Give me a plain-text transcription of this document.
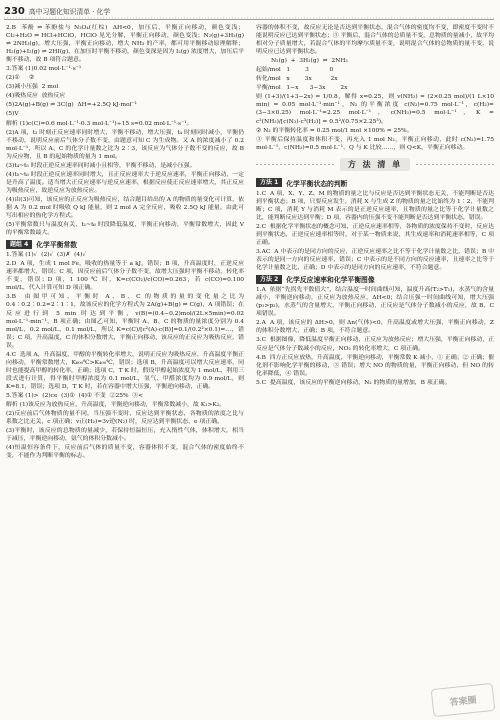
230 高中习题化知识清单 · 化学

2.B  苯酚 ⇌ 苯酚盐与 N₂O₄(红棕)  ΔH<0，加压后，平衡正向移动，颜色变浅；Cl₂+H₂O ⇌ HCl+HClO，HClO 见光分解，平衡正向移动，颜色变浅；N₂(g)+3H₂(g) ⇌ 2NH₃(g)，增大压强，平衡正向移动，增大 NH₃ 的产率，都可用平衡移动原理解释；H₂(g)+I₂(g) ⇌ 2HI(g)，在加压时平衡不移动，颜色变深是因为 I₂(g) 浓度增大，加压后平衡不移动，故 B 项符合题意。

3.答案 (1)0.02 mol·L⁻¹·s⁻¹

(2)①     ②

(3)减小压强  2 mol

(4)吸热反应  放热反应

(5)2A(g)+B(g) ⇌ 3C(g)  ΔH=+2.5Q kJ·mol⁻¹

(5)V

解析 (1)c(C)=0.6 mol·L⁻¹-0.3 mol·L⁻¹)÷15 s=0.02 mol·L⁻¹·s⁻¹。

(2)A 项，t₃ 时刻正反应速率同时增大，平衡不移动，增大压强，t₄ 时刻同时减小，平衡仍不移动，说明反应前后气体分子数不变，由题意可知 C 为生成物。又 A 的浓度减小了 0.2 mol·L⁻¹，所以 A、C 的化学计量数之比为 2∶3，该反应为气体分子数不变的反应，故 B 为反应物，且 B 的起始物质的量为 1 mol。

(3)t₄~t₅ 时段正逆反应速率同时减小且相等，平衡不移动，是减小压强。

(4)t₅~t₆ 时段正逆反应速率同时增大，且正反应速率大于逆反应速率，平衡正向移动，一定是升高了温度。适当增大正反应速率与逆反应速率，根据反应使正反应速率增大，其正反应为吸热反应，故逆反应为放热反应。

(4)由(3)可知，该反应的正反应为吸热反应，结合题目给出的 A 的物质的量变化可计算，依据 A 为 0.2 mol 时吸收 Q kJ 能量，则 2 mol A 完全反应，吸收 2.5Q kJ 能量，由此可写出相应的热化学方程式。

(5)平衡常数只与温度有关，t₁~t₆ 时段降低温度，平衡正向移动，平衡常数增大，因此 V 的平衡常数最大。

题组 4	化学平衡常数

1.答案 (1)✓  (2)✓  (3)✗  (4)✓

2.D  A 项，生成 1 mol Fe，吸收的热量等于 a kJ，错误；B 项，升高温度时，正逆反应速率都增大，错误；C 项，因反应前后气体分子数不变，故增大压强时平衡不移动，转化率不变，错误；D 项，1 100 ℃ 时，K=c(CO₂)/c(CO)=0.263，若 c(CO)=0.100 mol/L，代入计算可知 D 项正确。

3.B  由图甲可知，平衡时 A、B、C 的物质的量的变化量之比为 0.4∶0.2∶0.2=2∶1∶1，故该反应的化学方程式为 2A(g)+B(g) ⇌ C(g)，A 项错误；在反应进行到 5 min 时达到平衡，v(B)=(0.4−0.2)mol/(2L×5min)=0.02 mol·L⁻¹·min⁻¹，B 项正确；由图乙可知，平衡时 A、B、C 的物质的量浓度分别为 0.4 mol/L、0.2 mol/L、0.1 mol/L，所以 K=c(C)/[c²(A)·c(B)]=0.1/(0.2²×0.1)=…，错误；C 项，升高温度，C 的体积分数增大，平衡正向移动，该反应的正反应为吸热反应，错误。

4.C  选项 A，升高温度，甲醇的平衡转化率增大，说明正反应为吸热反应，升高温度平衡正向移动，平衡常数增大，K₆₀₀℃>K₄₀₀℃，错误；选项 B，升高温度可以增大反应速率，同时也能提高甲醇的转化率，正确；选项 C，T K 时，假设甲醇起始浓度为 1 mol/L，利用三段式进行计算，得平衡时甲醇浓度为 0.1 mol/L，氢气、甲醛浓度均为 0.9 mol/L，则 K=8.1，错误；选项 D，T K 时，若在容器中增大压强，平衡逆向移动，正确。

5.答案 (1)>  (2)ce  (3)①  (4)① 不变  ②25%  ③<

解析 (1)该反应为放热反应，升高温度，平衡逆向移动，平衡常数减小，故 K₁>K₂。

(2)反应前后气体物质的量不同，当压强不变时，反应达到平衡状态，各物质的浓度之比与系数之比无关，c 项正确；v正(H₂)=3v逆(N₂) 时，反应达到平衡状态，e 项正确。

(3)平衡时，该反应的总物质的量减少，若保持恒温恒压，充入惰性气体，体积增大，相当于减压，平衡逆向移动，氨气的体积分数减小。

(4)恒温恒容条件下，反应前后气体的质量不变，容器体积不变，混合气体的密度始终不变，不能作为判断平衡的标志。

容器的体积不变，故反应无论是否达到平衡状态，混合气体的密度均不变，即密度不变时不能说明反应已达到平衡状态；③ 平衡后，混合气体的总质量不变，总物质的量减小，故平均相对分子质量增大，若混合气体的平均摩尔质量不变，说明混合气体的总物质的量不变，说明反应已达到平衡状态。

N₂(g)  +  3H₂(g)  ⇌  2NH₃

起始/mol   1        3           0

转化/mol   x        3x          2x

平衡/mol   1−x      3−3x        2x

则 (1+3)/(1+3−2x) = 1/0.8，解得 x=0.25，则 v(NH₃) = (2×0.25 mol)/(1 L×10 min) = 0.05 mol·L⁻¹·min⁻¹，N₂ 的平衡浓度 c(N₂)=0.75 mol·L⁻¹，c(H₂)=(3−3×0.25) mol·L⁻¹=2.25 mol·L⁻¹，c(NH₃)=0.5 mol·L⁻¹，K = c²(NH₃)/[c(N₂)·c³(H₂)] = 0.5²/(0.75×2.25³)。

② N₂ 的平衡转化率 = 0.25 mol/1 mol ×100% = 25%。

③ 平衡后保持温度和体积不变，再充入 1 mol N₂，平衡正向移动，此时 c(N₂)=1.75 mol·L⁻¹，c(NH₃)=0.5 mol·L⁻¹，Q 与 K 比较……，则 Q<K，平衡正向移动。

方 法 清 单
方法 1	化学平衡状态的判断

1.C  A 项，X、Y、Z、M 的物质的量之比与反应是否达到平衡状态无关，不能判断是否达到平衡状态；B 项，只要反应发生，消耗 X 与生成 Z 的物质的量之比始终为 1∶2，不能判断；C 项，消耗 Y 与消耗 M 表示的是正逆反应速率，且物质的量之比等于化学计量数之比，能判断反应达到平衡；D 项，容器内的压强不变不能判断是否达到平衡状态，错误。

2.C  根据化学平衡状态的概念可知，正逆反应速率相等，各物质的浓度保持不变时，反应达到平衡状态，正逆反应速率相等时，对于某一物质来说，其生成速率和消耗速率相等，C 项正确。

3.AC  A 中表示的是同方向的反应，正逆反应速率之比不等于化学计量数之比，错误；B 中表示的是同一方向的反应速率，错误；C 中表示的是不同方向的反应速率，且速率之比等于化学计量数之比，正确；D 中表示的是同方向的反应速率，不符合题意。

方法 2	化学反应速率和化学平衡图像

1.A  依据“先拐先平数值大”，结合温度一时间曲线可知，温度升高(T₂>T₁)，水蒸气的含量减小，平衡逆向移动，正反应为放热反应，ΔH<0；结合压强一时间曲线可知，增大压强(p₁>p₂)，水蒸气的含量增大，平衡正向移动，正反应是气体分子数减小的反应，故 B、C 项错误。

2.A  A 项，该反应的 ΔH>0，则 Δn(气体)<0，升高温度或增大压强，平衡正向移动，Z 的体积分数增大，正确；B 项，不符合题意。

3.C  根据图像，降低温度平衡正向移动，正反应为放热反应；增大压强，平衡正向移动，正反应是气体分子数减小的反应，NO₂ 的转化率增大，C 项正确。

4.B  四方正反应放热，升高温度，平衡逆向移动，平衡常数 K 减小，① 正确；② 正确；催化剂不影响化学平衡的移动，③ 错误；增大 NO 的物质的量，平衡正向移动，但 NO 的转化率降低，④ 错误。

5.C  提高温度，该反应的平衡逆向移动，N₂ 的物质的量增加，B 项正确。

答案圈
